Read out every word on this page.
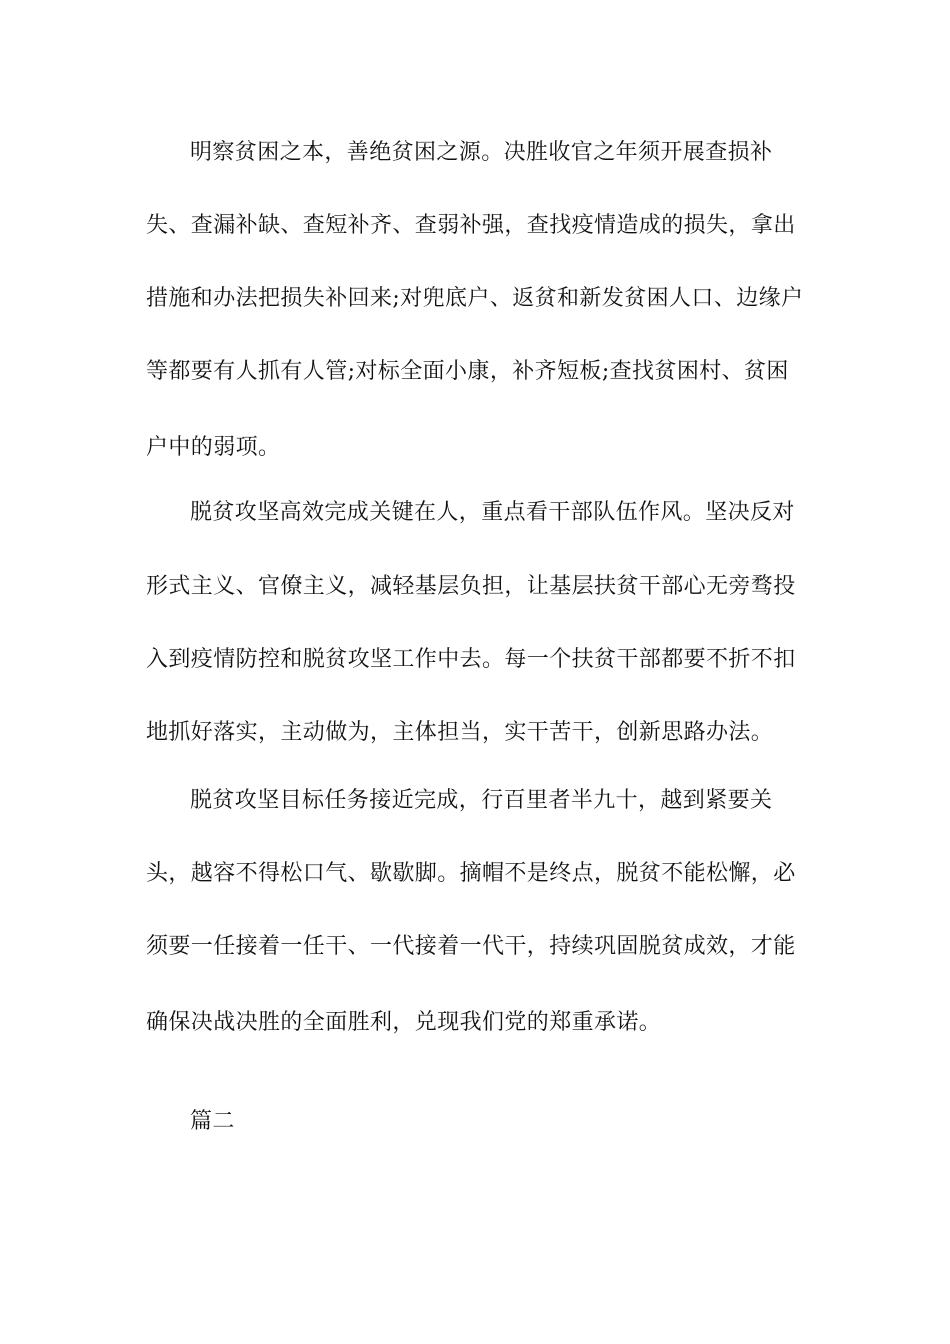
明察贫困之本，善绝贫困之源。决胜收官之年须开展查损补
失、查漏补缺、查短补齐、查弱补强，查找疫情造成的损失，拿出
措施和办法把损失补回来;对兜底户、返贫和新发贫困人口、边缘户
等都要有人抓有人管;对标全面小康，补齐短板;查找贫困村、贫困
户中的弱项。
脱贫攻坚高效完成关键在人，重点看干部队伍作风。坚决反对
形式主义、官僚主义，减轻基层负担，让基层扶贫干部心无旁骛投
入到疫情防控和脱贫攻坚工作中去。每一个扶贫干部都要不折不扣
地抓好落实，主动做为，主体担当，实干苦干，创新思路办法。
脱贫攻坚目标任务接近完成，行百里者半九十，越到紧要关
头，越容不得松口气、歇歇脚。摘帽不是终点，脱贫不能松懈，必
须要一任接着一任干、一代接着一代干，持续巩固脱贫成效，才能
确保决战决胜的全面胜利，兑现我们党的郑重承诺。
篇二
